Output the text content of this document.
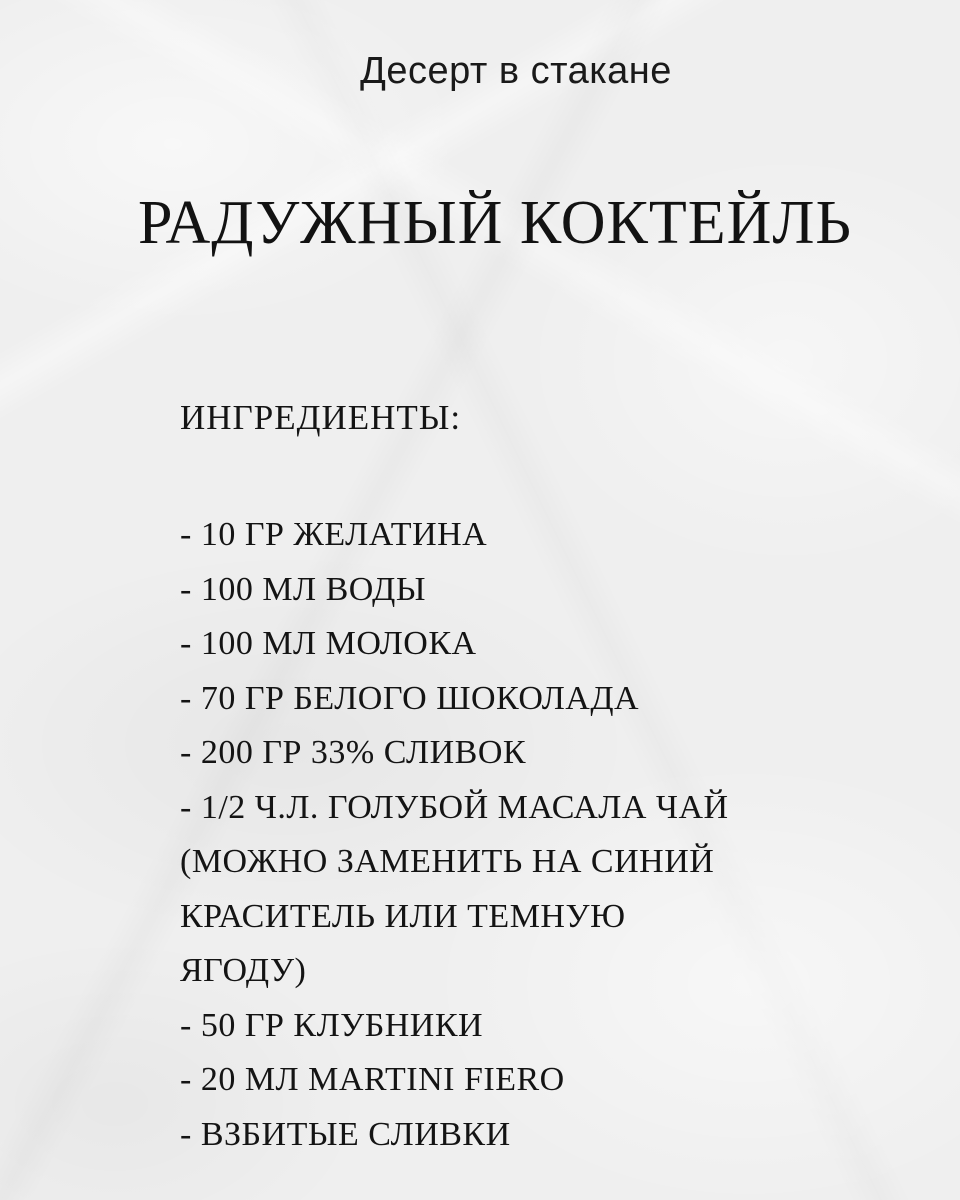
Десерт в стакане
РАДУЖНЫЙ КОКТЕЙЛЬ
ИНГРЕДИЕНТЫ:
- 10 ГР ЖЕЛАТИНА
- 100 МЛ ВОДЫ
- 100 МЛ МОЛОКА
- 70 ГР БЕЛОГО ШОКОЛАДА
- 200 ГР 33% СЛИВОК
- 1/2 Ч.Л. ГОЛУБОЙ МАСАЛА ЧАЙ
(МОЖНО ЗАМЕНИТЬ НА СИНИЙ
КРАСИТЕЛЬ ИЛИ ТЕМНУЮ
ЯГОДУ)
- 50 ГР КЛУБНИКИ
- 20 МЛ MARTINI FIERO
- ВЗБИТЫЕ СЛИВКИ
